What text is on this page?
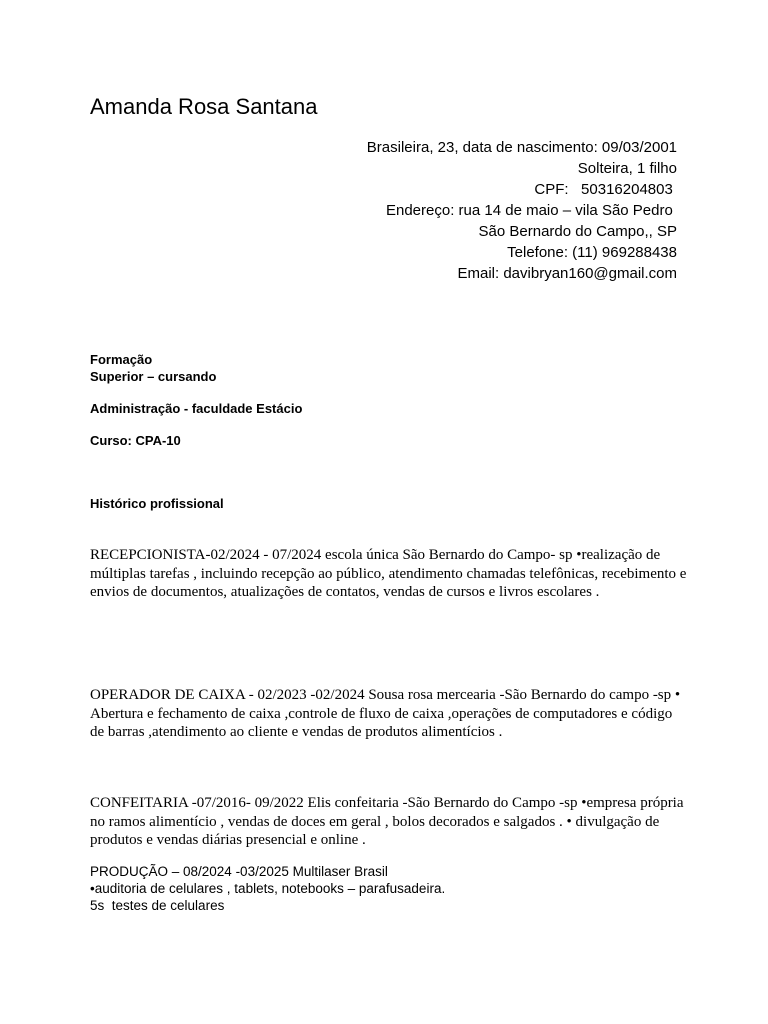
Amanda Rosa Santana
Brasileira, 23, data de nascimento: 09/03/2001
Solteira, 1 filho
CPF:   50316204803
Endereço: rua 14 de maio – vila São Pedro
São Bernardo do Campo,, SP
Telefone: (11) 969288438
Email: davibryan160@gmail.com
Formação
Superior – cursando
Administração - faculdade Estácio
Curso: CPA-10
Histórico profissional

RECEPCIONISTA-02/2024 - 07/2024 escola única São Bernardo do Campo- sp •realização de múltiplas tarefas , incluindo recepção ao público, atendimento chamadas telefônicas, recebimento e envios de documentos, atualizações de contatos, vendas de cursos e livros escolares .

OPERADOR DE CAIXA - 02/2023 -02/2024 Sousa rosa mercearia -São Bernardo do campo -sp • Abertura e fechamento de caixa ,controle de fluxo de caixa ,operações de computadores e código de barras ,atendimento ao cliente e vendas de produtos alimentícios .

CONFEITARIA -07/2016- 09/2022 Elis confeitaria -São Bernardo do Campo -sp •empresa própria no ramos alimentício , vendas de doces em geral , bolos decorados e salgados . • divulgação de produtos e vendas diárias presencial e online .

PRODUÇÃO – 08/2024 -03/2025 Multilaser Brasil
•auditoria de celulares , tablets, notebooks – parafusadeira.
5s  testes de celulares
